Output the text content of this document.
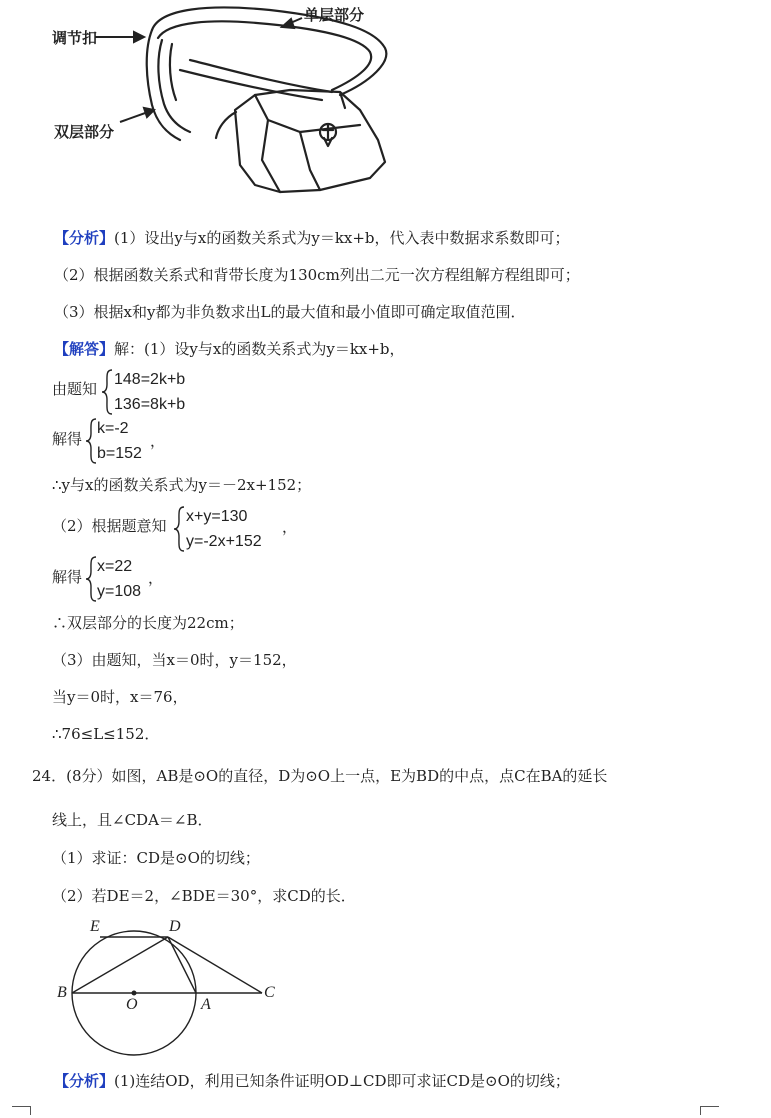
调节扣
单层部分
双层部分
【分析】(1）设出y与x的函数关系式为y＝kx+b，代入表中数据求系数即可；
（2）根据函数关系式和背带长度为130cm列出二元一次方程组解方程组即可；
（3）根据x和y都为非负数求出L的最大值和最小值即可确定取值范围．
【解答】解：(1）设y与x的函数关系式为y＝kx+b，
由题知
148=2k+b
136=8k+b
解得
k=-2
b=152
，
∴y与x的函数关系式为y＝－2x+152；
（2）根据题意知
x+y=130
y=-2x+152
，
解得
x=22
y=108
，
∴双层部分的长度为22cm；
（3）由题知，当x＝0时，y＝152，
当y＝0时，x＝76，
∴76≤L≤152．
24．(8分）如图，AB是⊙O的直径，D为⊙O上一点，E为BD的中点，点C在BA的延长
线上，且∠CDA＝∠B．
（1）求证：CD是⊙O的切线；
（2）若DE＝2，∠BDE＝30°，求CD的长．
E	D
B
O	A
C
【分析】(1)连结OD，利用已知条件证明OD⊥CD即可求证CD是⊙O的切线；
